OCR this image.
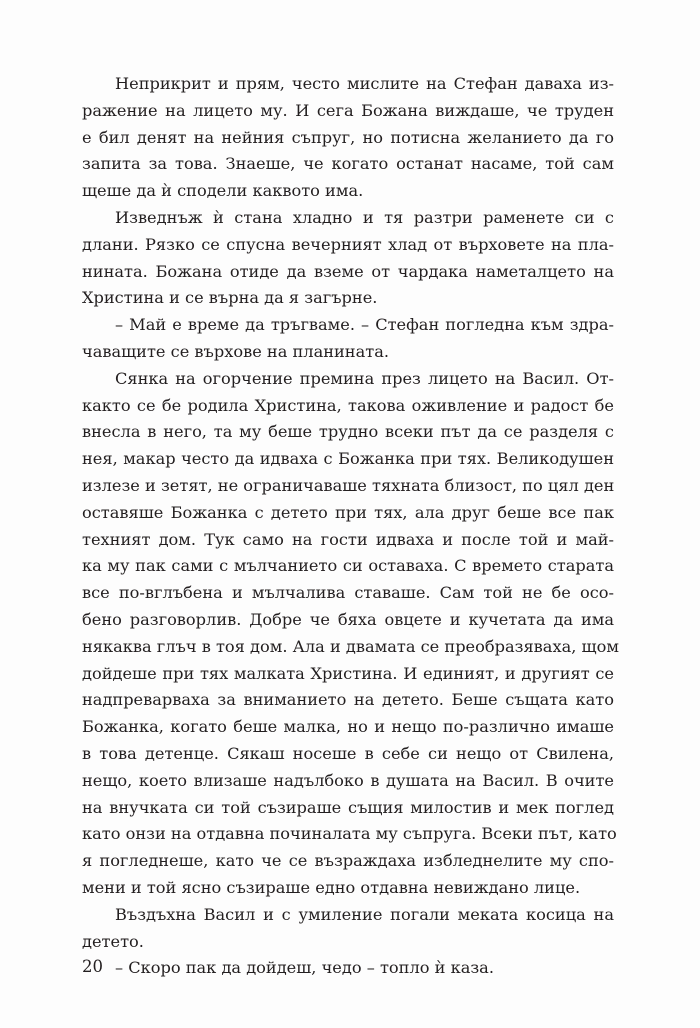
Неприкрит и прям, често мислите на Стефан даваха из-
ражение на лицето му. И сега Божана виждаше, че труден
е бил денят на нейния съпруг, но потисна желанието да го
запита за това. Знаеше, че когато останат насаме, той сам
щеше да ѝ сподели каквото има.
Изведнъж ѝ стана хладно и тя разтри раменете си с
длани. Рязко се спусна вечерният хлад от върховете на пла-
нината. Божана отиде да вземе от чардака наметалцето на
Христина и се върна да я загърне.
– Май е време да тръгваме. – Стефан погледна към здра-
чаващите се върхове на планината.
Сянка на огорчение премина през лицето на Васил. От-
както се бе родила Христина, такова оживление и радост бе
внесла в него, та му беше трудно всеки път да се разделя с
нея, макар често да идваха с Божанка при тях. Великодушен
излезе и зетят, не ограничаваше тяхната близост, по цял ден
оставяше Божанка с детето при тях, ала друг беше все пак
техният дом. Тук само на гости идваха и после той и май-
ка му пак сами с мълчанието си оставаха. С времето старата
все по-вглъбена и мълчалива ставаше. Сам той не бе осо-
бено разговорлив. Добре че бяха овцете и кучетата да има
някаква глъч в тоя дом. Ала и двамата се преобразяваха, щом
дойдеше при тях малката Христина. И единият, и другият се
надпреварваха за вниманието на детето. Беше същата като
Божанка, когато беше малка, но и нещо по-различно имаше
в това детенце. Сякаш носеше в себе си нещо от Свилена,
нещо, което влизаше надълбоко в душата на Васил. В очите
на внучката си той съзираше същия милостив и мек поглед
като онзи на отдавна починалата му съпруга. Всеки път, като
я погледнеше, като че се възраждаха избледнелите му спо-
мени и той ясно съзираше едно отдавна невиждано лице.
Въздъхна Васил и с умиление погали меката косица на
детето.
– Скоро пак да дойдеш, чедо – топло ѝ каза.
20
